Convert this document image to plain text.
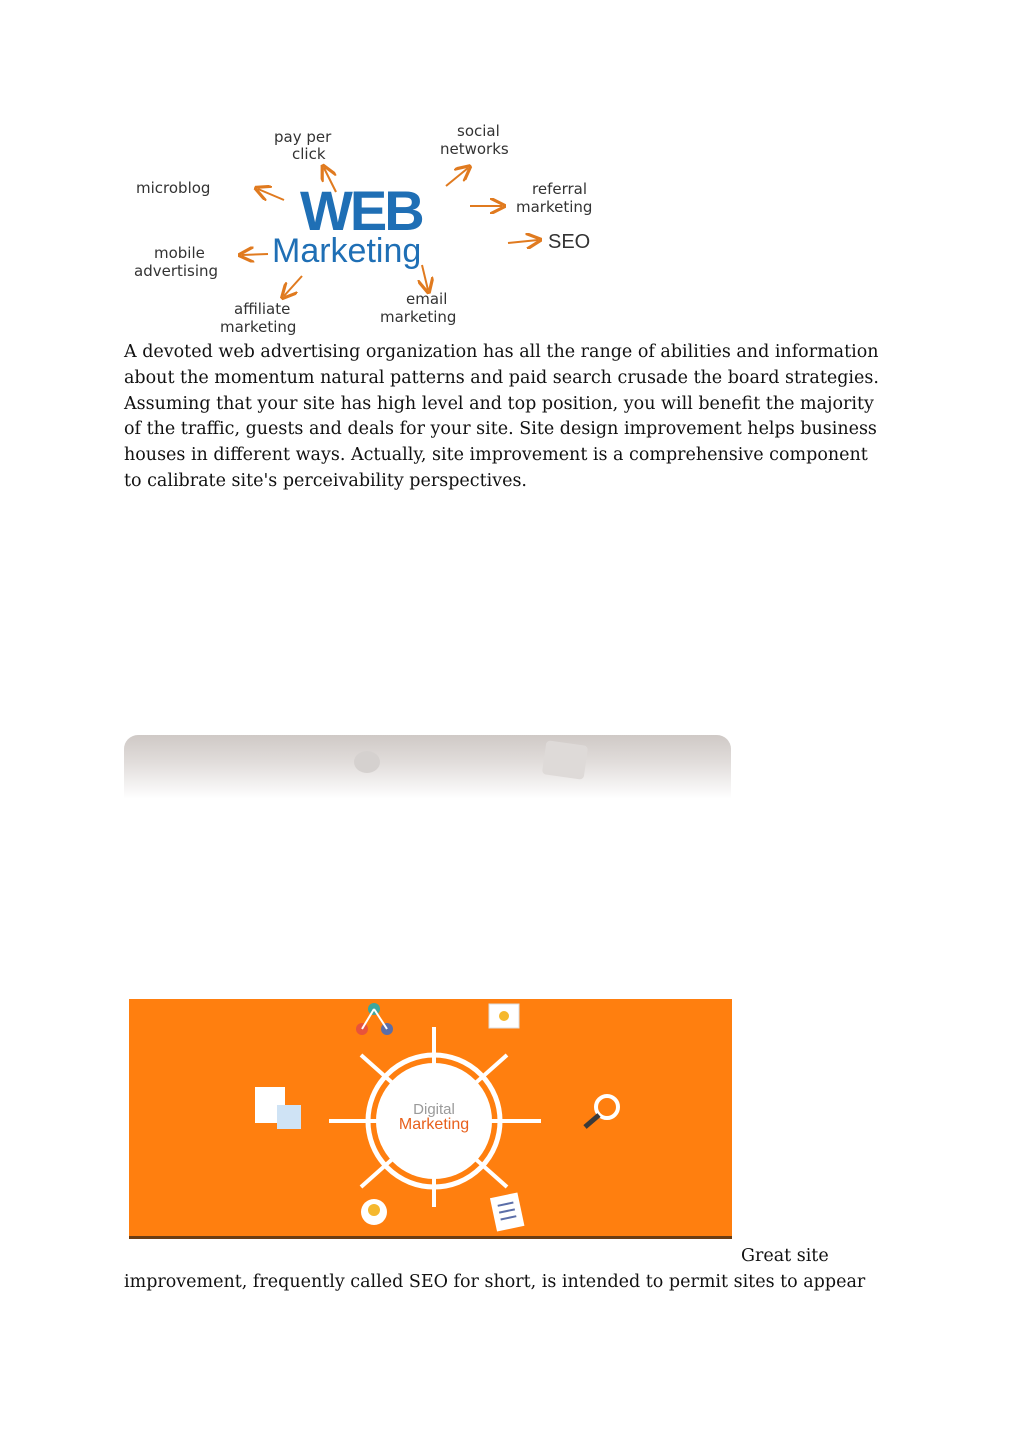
WEB
Marketing
pay per
click
social
networks
microblog	referral
marketing
SEO
mobile
advertising
affiliate
marketing
email
marketing
A devoted web advertising organization has all the range of abilities and information
about the momentum natural patterns and paid search crusade the board strategies.
Assuming that your site has high level and top position, you will benefit the majority
of the traffic, guests and deals for your site. Site design improvement helps business
houses in different ways. Actually, site improvement is a comprehensive component
to calibrate site's perceivability perspectives.
Digital
Marketing
Great site
improvement, frequently called SEO for short, is intended to permit sites to appear
